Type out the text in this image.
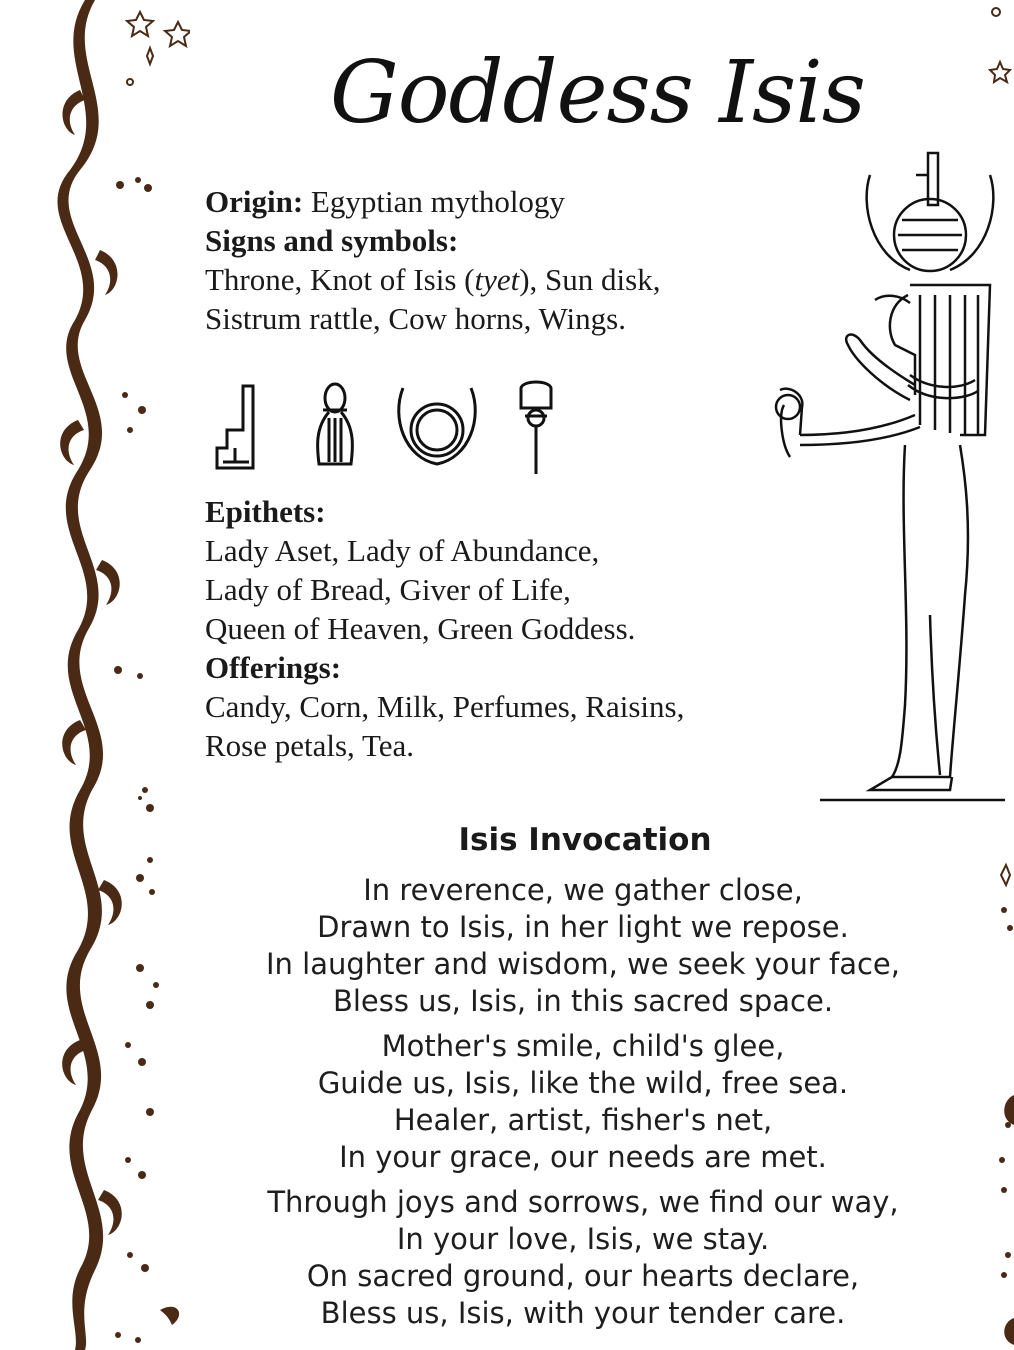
Goddess Isis

Origin: Egyptian mythology

Signs and symbols:

Throne, Knot of Isis (tyet), Sun disk,

Sistrum rattle, Cow horns, Wings.

Epithets:

Lady Aset, Lady of Abundance,

Lady of Bread, Giver of Life,

Queen of Heaven, Green Goddess.

Offerings:

Candy, Corn, Milk, Perfumes, Raisins,

Rose petals, Tea.

Isis Invocation
In reverence, we gather close,
Drawn to Isis, in her light we repose.
In laughter and wisdom, we seek your face,
Bless us, Isis, in this sacred space.
Mother's smile, child's glee,
Guide us, Isis, like the wild, free sea.
Healer, artist, fisher's net,
In your grace, our needs are met.
Through joys and sorrows, we find our way,
In your love, Isis, we stay.
On sacred ground, our hearts declare,
Bless us, Isis, with your tender care.
